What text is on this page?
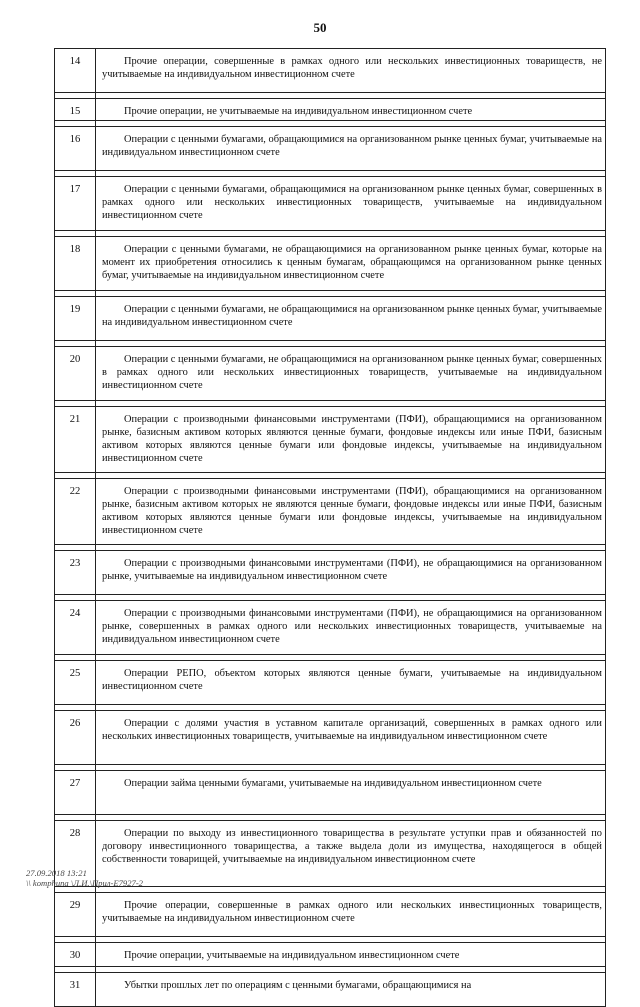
50
14	Прочие операции, совершенные в рамках одного или нескольких инвестиционных товариществ, не учитываемые на индивидуальном инвестиционном счете

15	Прочие операции, не учитываемые на индивидуальном инвестиционном счете

16	Операции с ценными бумагами, обращающимися на организованном рынке ценных бумаг, учитываемые на индивидуальном инвестиционном счете

17	Операции с ценными бумагами, обращающимися на организованном рынке ценных бумаг, совершенных в рамках одного или нескольких инвестиционных товариществ, учитываемые на индивидуальном инвестиционном счете

18	Операции с ценными бумагами, не обращающимися на организованном рынке ценных бумаг, которые на момент их приобретения относились к ценным бумагам, обращающимся на организованном рынке ценных бумаг, учитываемые на индивидуальном инвестиционном счете

19	Операции с ценными бумагами, не обращающимися на организованном рынке ценных бумаг, учитываемые на индивидуальном инвестиционном счете

20	Операции с ценными бумагами, не обращающимися на организованном рынке ценных бумаг, совершенных в рамках одного или нескольких инвестиционных товариществ, учитываемые на индивидуальном инвестиционном счете

21	Операции с производными финансовыми инструментами (ПФИ), обращающимися на организованном рынке, базисным активом которых являются ценные бумаги, фондовые индексы или иные ПФИ, базисным активом которых являются ценные бумаги или фондовые индексы, учитываемые на индивидуальном инвестиционном счете

22	Операции с производными финансовыми инструментами (ПФИ), обращающимися на организованном рынке, базисным активом которых не являются ценные бумаги, фондовые индексы или иные ПФИ, базисным активом которых являются ценные бумаги или фондовые индексы, учитываемые на индивидуальном инвестиционном счете

23	Операции с производными финансовыми инструментами (ПФИ), не обращающимися на организованном рынке, учитываемые на индивидуальном инвестиционном счете

24	Операции с производными финансовыми инструментами (ПФИ), не обращающимися на организованном рынке, совершенных в рамках одного или нескольких инвестиционных товариществ, учитываемые на индивидуальном инвестиционном счете

25	Операции РЕПО, объектом которых являются ценные бумаги, учитываемые на индивидуальном инвестиционном счете

26	Операции с долями участия в уставном капитале организаций, совершенных в рамках одного или нескольких инвестиционных товариществ, учитываемые на индивидуальном инвестиционном счете

27	Операции займа ценными бумагами, учитываемые на индивидуальном инвестиционном счете

28	Операции по выходу из инвестиционного товарищества в результате уступки прав и обязанностей по договору инвестиционного товарищества, а также выдела доли из имущества, находящегося в общей собственности товарищей, учитываемые на индивидуальном инвестиционном счете

29	Прочие операции, совершенные в рамках одного или нескольких инвестиционных товариществ, учитываемые на индивидуальном инвестиционном счете

30	Прочие операции, учитываемые на индивидуальном инвестиционном счете

31	Убытки прошлых лет по операциям с ценными бумагами, обращающимися на
27.09.2018 13:21
\\ komphuna \Л.И.\Прил-Е7927-2
